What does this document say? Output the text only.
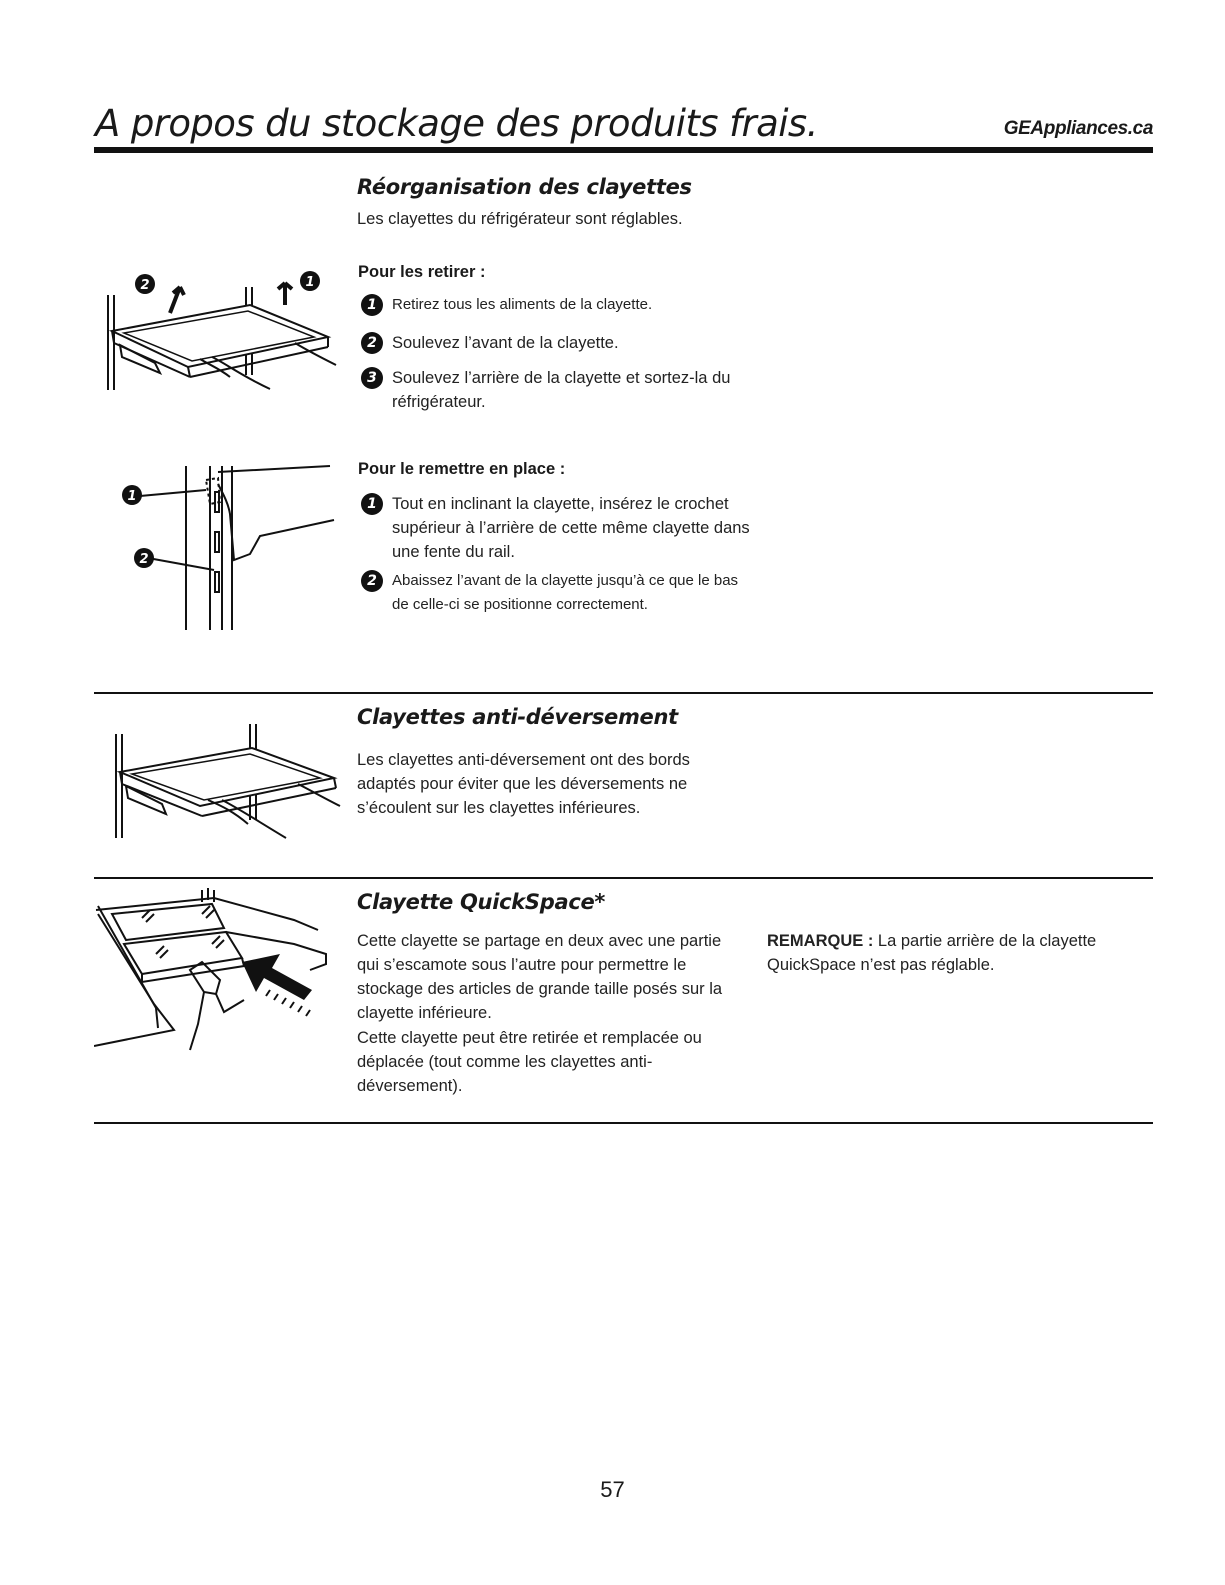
A propos du stockage des produits frais.	GEAppliances.ca
Réorganisation des clayettes
Les clayettes du réfrigérateur sont réglables.
Pour les retirer :
1	Retirez tous les aliments de la clayette.
2 Soulevez l’avant de la clayette.
3 Soulevez l’arrière de la clayette et sortez-la du réfrigérateur.
Pour le remettre en place :
1 Tout en inclinant la clayette, insérez le crochet supérieur à l’arrière de cette même clayette dans une fente du rail.
2	Abaissez l’avant de la clayette jusqu’à ce que le bas de celle-ci se positionne correctement.
2	1
1
2
Clayettes anti-déversement
Les clayettes anti-déversement ont des bords adaptés pour éviter que les déversements ne s’écoulent sur les clayettes inférieures.
Clayette QuickSpace*
Cette clayette se partage en deux avec une partie qui s’escamote sous l’autre pour permettre le stockage des articles de grande taille posés sur la clayette inférieure.
Cette clayette peut être retirée et remplacée ou déplacée (tout comme les clayettes anti-déversement).
REMARQUE : La partie arrière de la clayette QuickSpace n’est pas réglable.
57
